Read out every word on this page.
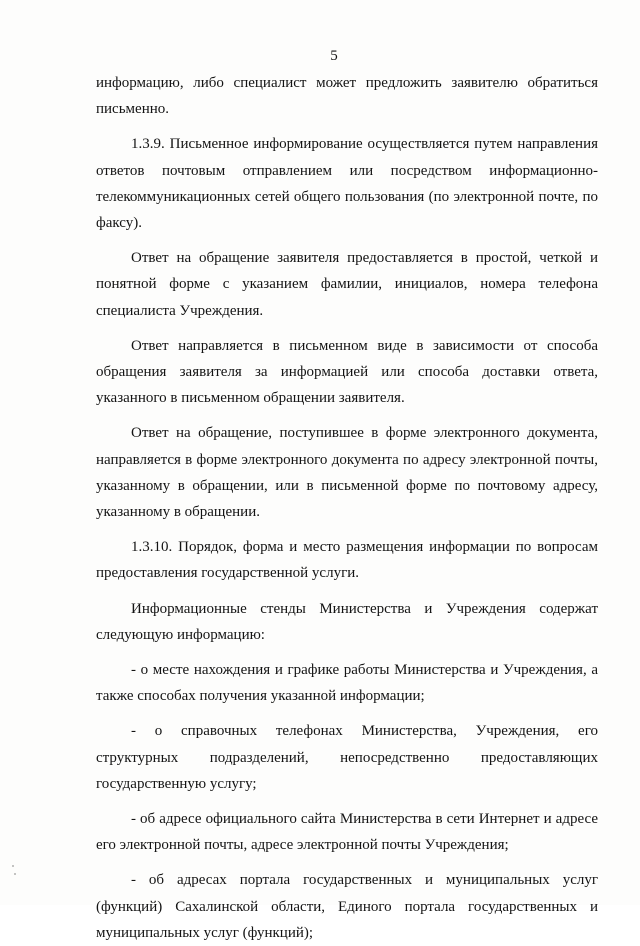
5
информацию, либо специалист может предложить заявителю обратиться
письменно.
1.3.9. Письменное информирование осуществляется путем направления
ответов почтовым отправлением или посредством информационно-
телекоммуникационных сетей общего пользования (по электронной почте, по
факсу).
Ответ на обращение заявителя предоставляется в простой, четкой и
понятной форме с указанием фамилии, инициалов, номера телефона
специалиста Учреждения.
Ответ направляется в письменном виде в зависимости от способа
обращения заявителя за информацией или способа доставки ответа,
указанного в письменном обращении заявителя.
Ответ на обращение, поступившее в форме электронного документа,
направляется в форме электронного документа по адресу электронной почты,
указанному в обращении, или в письменной форме по почтовому адресу,
указанному в обращении.
1.3.10. Порядок, форма и место размещения информации по вопросам
предоставления государственной услуги.
Информационные стенды Министерства и Учреждения содержат
следующую информацию:
- о месте нахождения и графике работы Министерства и Учреждения, а
также способах получения указанной информации;
- о справочных телефонах Министерства, Учреждения, его
структурных подразделений, непосредственно предоставляющих
государственную услугу;
- об адресе официального сайта Министерства в сети Интернет и адресе
его электронной почты, адресе электронной почты Учреждения;
- об адресах портала государственных и муниципальных услуг
(функций) Сахалинской области, Единого портала государственных и
муниципальных услуг (функций);
